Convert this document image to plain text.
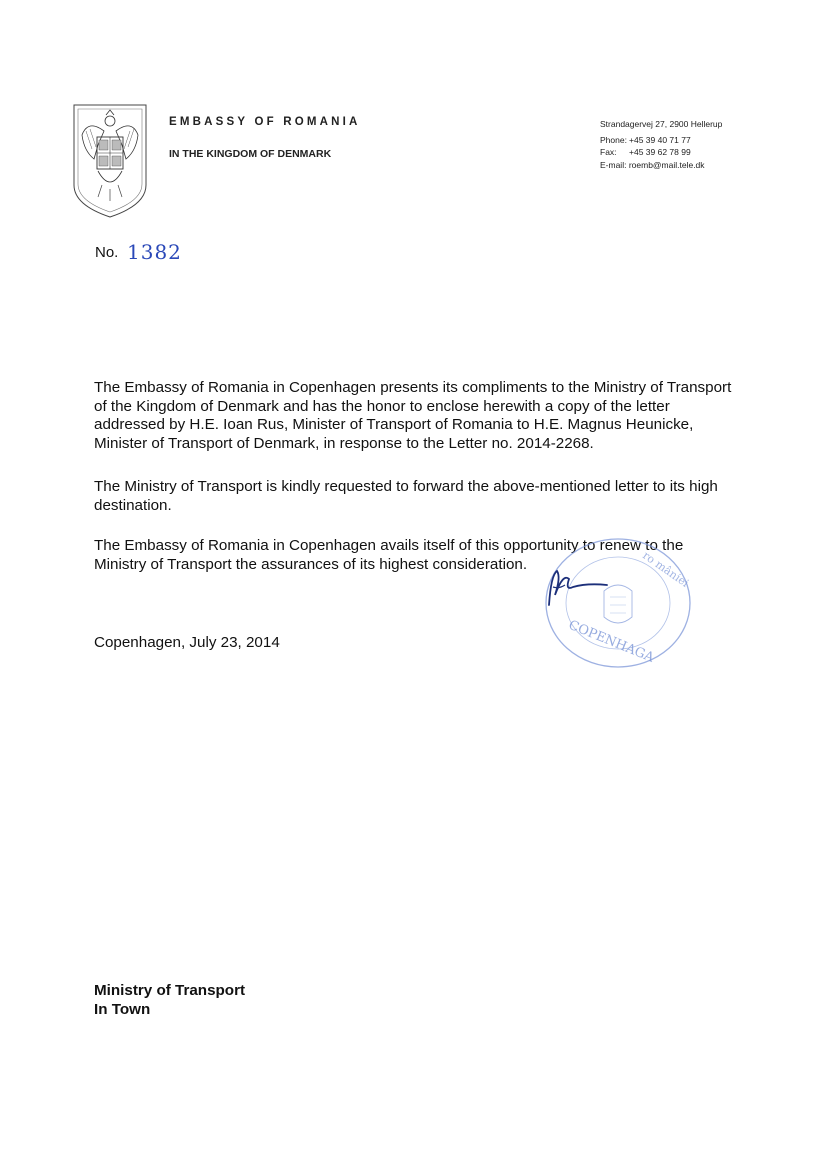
EMBASSY OF ROMANIA
IN THE KINGDOM OF DENMARK
Strandagervej 27, 2900 Hellerup
Phone: +45 39 40 71 77
Fax: +45 39 62 78 99
E-mail: roemb@mail.tele.dk
No. 1382

The Embassy of Romania in Copenhagen presents its compliments to the Ministry of Transport of the Kingdom of Denmark and has the honor to enclose herewith a copy of the letter addressed by H.E. Ioan Rus, Minister of Transport of Romania to H.E. Magnus Heunicke, Minister of Transport of Denmark, in response to the Letter no. 2014-2268.

The Ministry of Transport is kindly requested to forward the above-mentioned letter to its high destination.

The Embassy of Romania in Copenhagen avails itself of this opportunity to renew to the Ministry of Transport the assurances of its highest consideration.

COPENHAGA
ro mâniei
Copenhagen, July 23, 2014
Ministry of Transport
In Town
